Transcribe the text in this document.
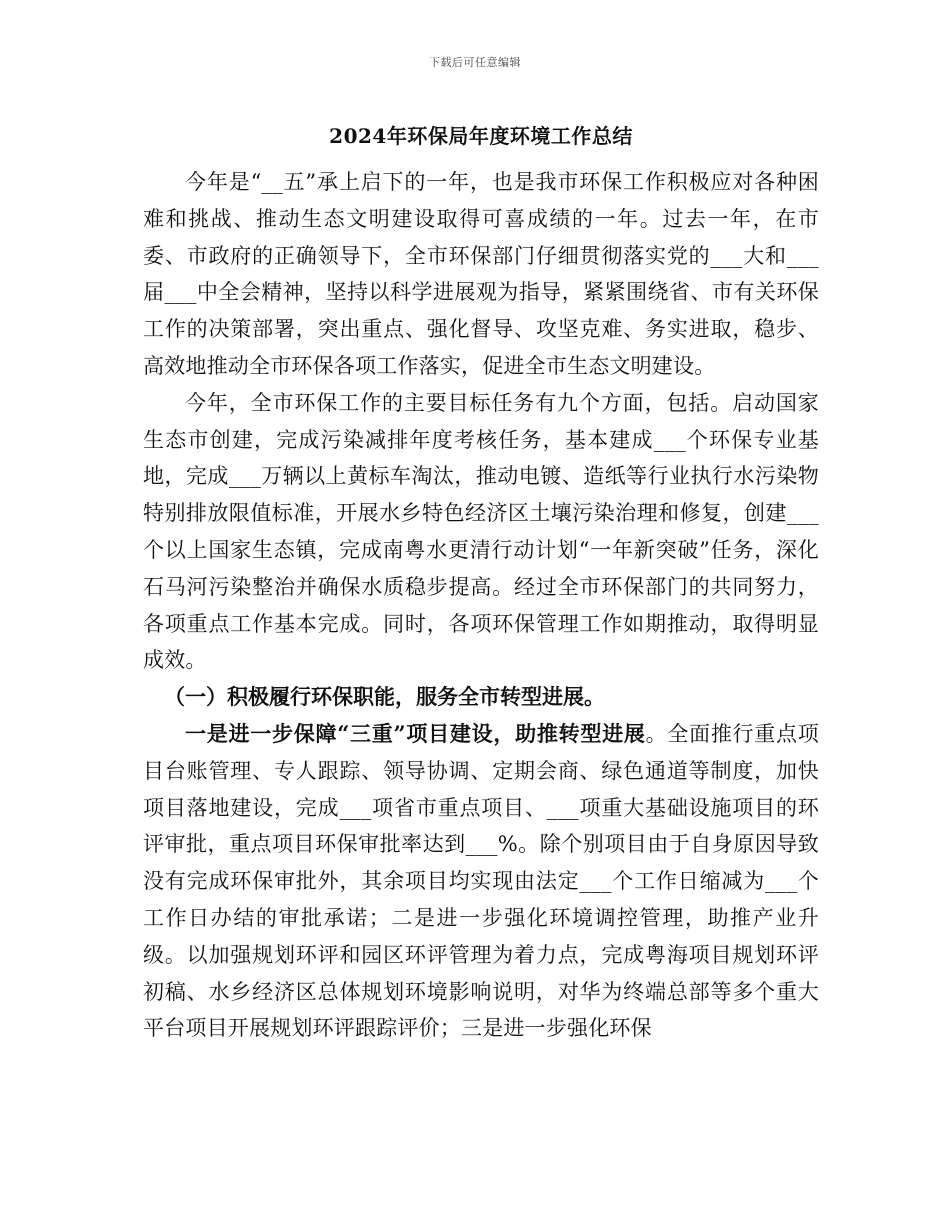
下载后可任意编辑
2024年环保局年度环境工作总结

今年是“__五”承上启下的一年，也是我市环保工作积极应对各种困难和挑战、推动生态文明建设取得可喜成绩的一年。过去一年，在市委、市政府的正确领导下，全市环保部门仔细贯彻落实党的___大和___届___中全会精神，坚持以科学进展观为指导，紧紧围绕省、市有关环保工作的决策部署，突出重点、强化督导、攻坚克难、务实进取，稳步、高效地推动全市环保各项工作落实，促进全市生态文明建设。

今年，全市环保工作的主要目标任务有九个方面，包括。启动国家生态市创建，完成污染减排年度考核任务，基本建成___个环保专业基地，完成___万辆以上黄标车淘汰，推动电镀、造纸等行业执行水污染物特别排放限值标准，开展水乡特色经济区土壤污染治理和修复，创建___个以上国家生态镇，完成南粤水更清行动计划“一年新突破”任务，深化石马河污染整治并确保水质稳步提高。经过全市环保部门的共同努力，各项重点工作基本完成。同时，各项环保管理工作如期推动，取得明显成效。

（一）积极履行环保职能，服务全市转型进展。

一是进一步保障“三重”项目建设，助推转型进展。全面推行重点项目台账管理、专人跟踪、领导协调、定期会商、绿色通道等制度，加快项目落地建设，完成___项省市重点项目、___项重大基础设施项目的环评审批，重点项目环保审批率达到___%。除个别项目由于自身原因导致没有完成环保审批外，其余项目均实现由法定___个工作日缩减为___个工作日办结的审批承诺；二是进一步强化环境调控管理，助推产业升级。以加强规划环评和园区环评管理为着力点，完成粤海项目规划环评初稿、水乡经济区总体规划环境影响说明，对华为终端总部等多个重大平台项目开展规划环评跟踪评价；三是进一步强化环保
